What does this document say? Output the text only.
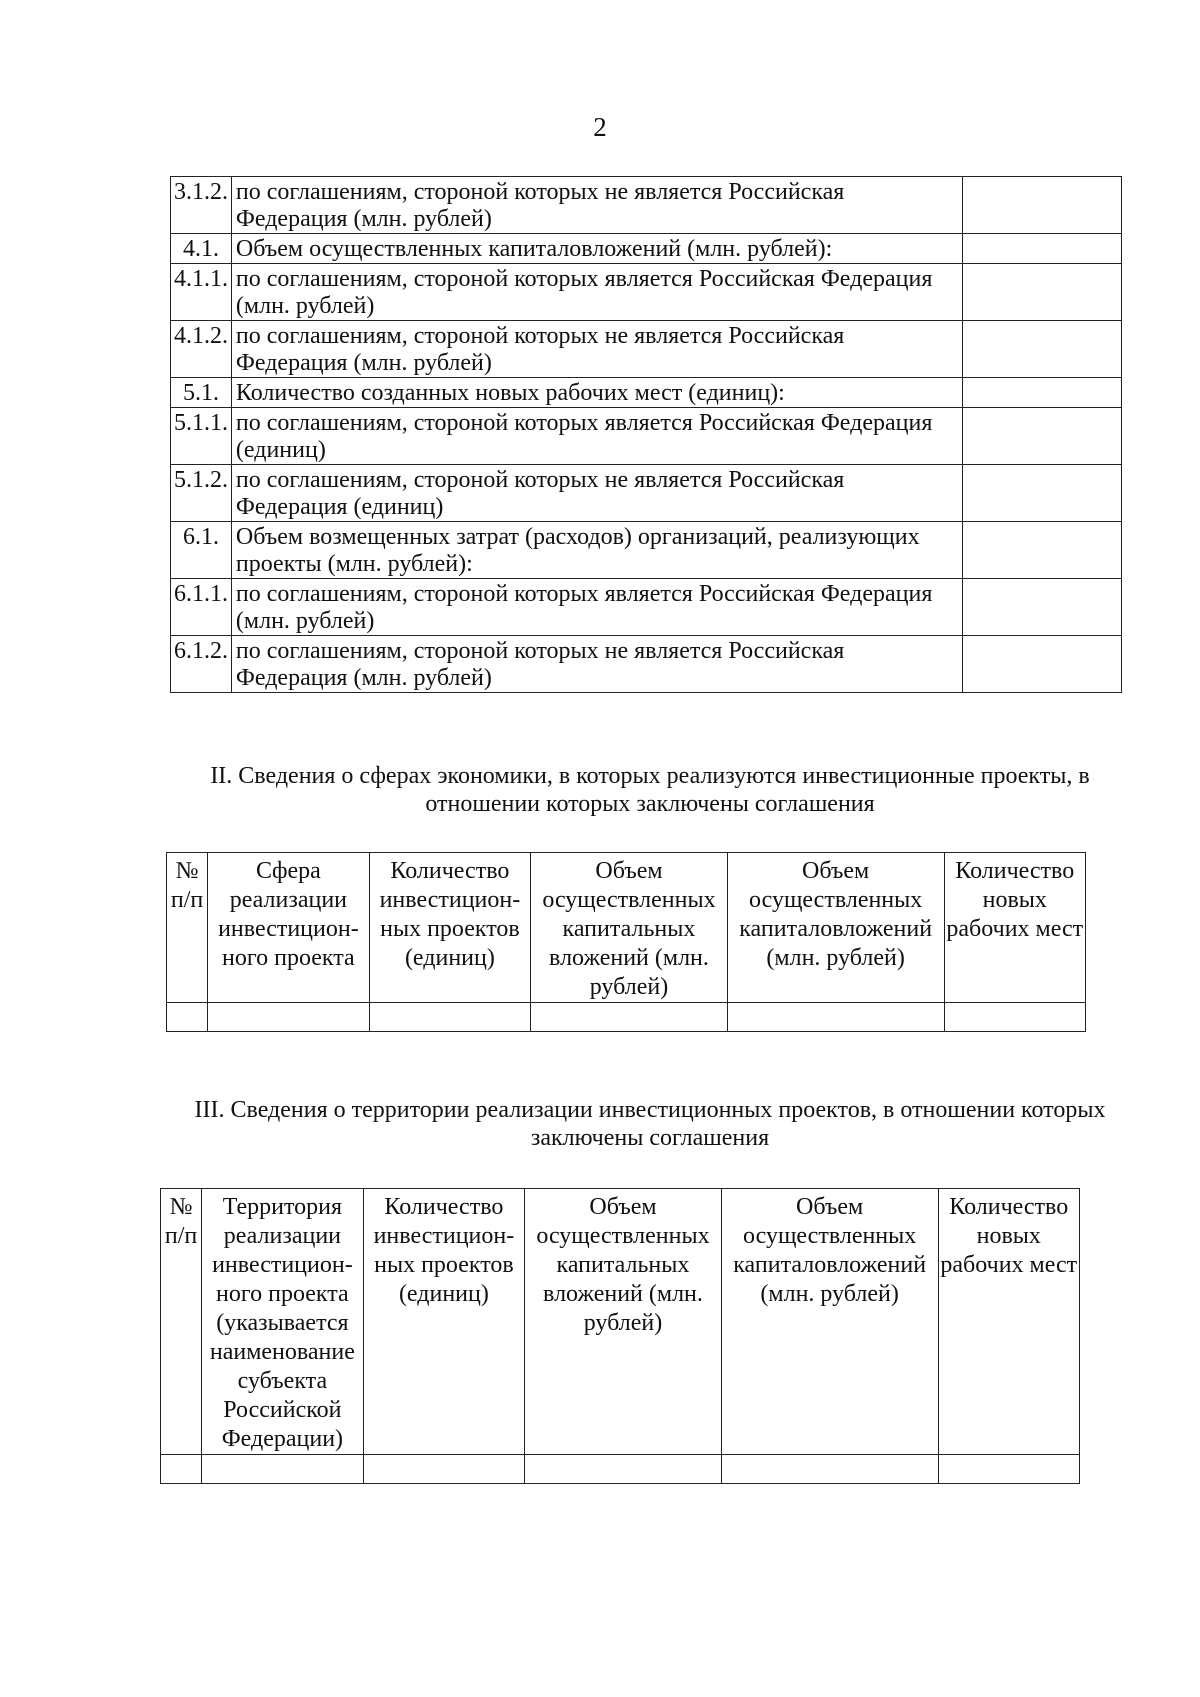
2
3.1.2.	по соглашениям, стороной которых не является Российская Федерация (млн. рублей)	
4.1.	Объем осуществленных капиталовложений (млн. рублей):	
4.1.1.	по соглашениям, стороной которых является Российская Федерация (млн. рублей)	
4.1.2.	по соглашениям, стороной которых не является Российская Федерация (млн. рублей)	
5.1.	Количество созданных новых рабочих мест (единиц):	
5.1.1.	по соглашениям, стороной которых является Российская Федерация (единиц)	
5.1.2.	по соглашениям, стороной которых не является Российская Федерация (единиц)	
6.1.	Объем возмещенных затрат (расходов) организаций, реализующих проекты (млн. рублей):	
6.1.1.	по соглашениям, стороной которых является Российская Федерация (млн. рублей)	
6.1.2.	по соглашениям, стороной которых не является Российская Федерация (млн. рублей)	
II. Сведения о сферах экономики, в которых реализуются инвестиционные проекты, в отношении которых заключены соглашения
№ п/п	Сфера реализации инвестицион-ного проекта	Количество инвестицион-ных проектов (единиц)	Объем осуществленных капитальных вложений (млн. рублей)	Объем осуществленных капиталовложений (млн. рублей)	Количество новых рабочих мест

III. Сведения о территории реализации инвестиционных проектов, в отношении которых заключены соглашения
№ п/п	Территория реализации инвестицион-ного проекта (указывается наименование субъекта Российской Федерации)	Количество инвестицион-ных проектов (единиц)	Объем осуществленных капитальных вложений (млн. рублей)	Объем осуществленных капиталовложений (млн. рублей)	Количество новых рабочих мест
